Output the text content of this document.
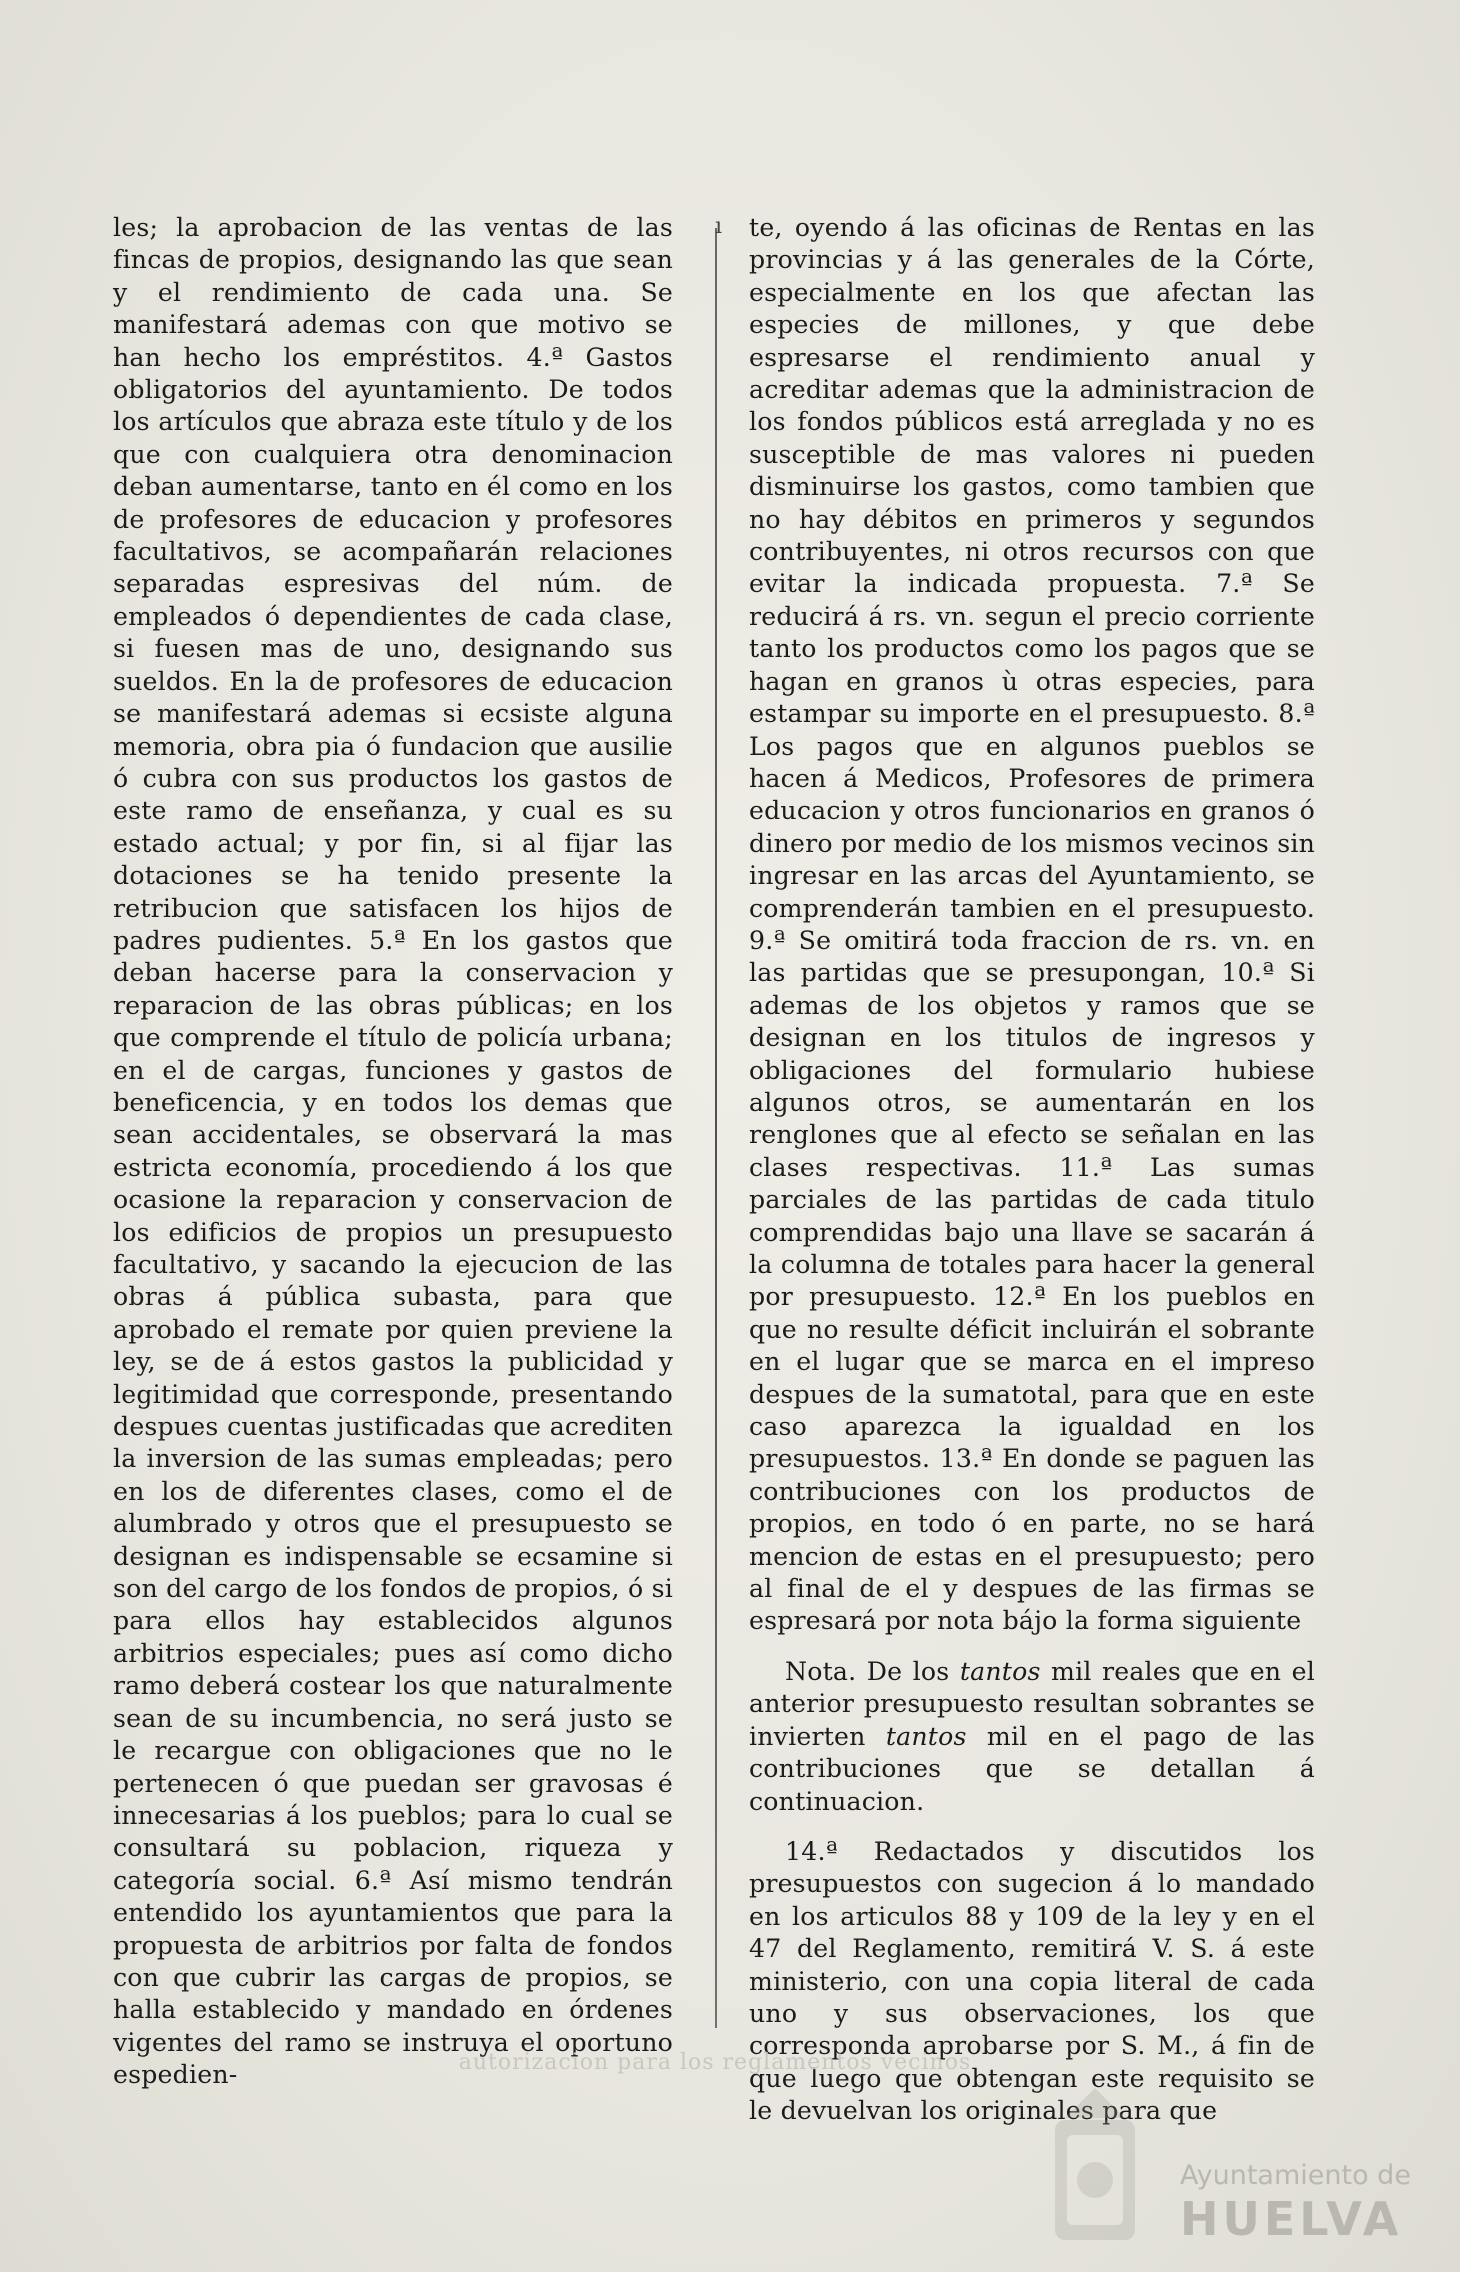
ı

les; la aprobacion de las ventas de las fincas de propios, designando las que sean y el rendimiento de cada una. Se manifestará ademas con que motivo se han hecho los empréstitos. 4.ª Gastos obligatorios del ayuntamiento. De todos los artículos que abraza este título y de los que con cualquiera otra denominacion deban aumentarse, tanto en él como en los de profesores de educacion y profesores facultativos, se acompañarán relaciones separadas espresivas del núm. de empleados ó dependientes de cada clase, si fuesen mas de uno, designando sus sueldos. En la de profesores de educacion se manifestará ademas si ecsiste alguna memoria, obra pia ó fundacion que ausilie ó cubra con sus productos los gastos de este ramo de enseñanza, y cual es su estado actual; y por fin, si al fijar las dotaciones se ha tenido presente la retribucion que satisfacen los hijos de padres pudientes. 5.ª En los gastos que deban hacerse para la conservacion y reparacion de las obras públicas; en los que comprende el título de policía urbana; en el de cargas, funciones y gastos de beneficencia, y en todos los demas que sean accidentales, se observará la mas estricta economía, procediendo á los que ocasione la reparacion y conservacion de los edificios de propios un presupuesto facultativo, y sacando la ejecucion de las obras á pública subasta, para que aprobado el remate por quien previene la ley, se de á estos gastos la publicidad y legitimidad que corresponde, presentando despues cuentas justificadas que acrediten la inversion de las sumas empleadas; pero en los de diferentes clases, como el de alumbrado y otros que el presupuesto se designan es indispensable se ecsamine si son del cargo de los fondos de propios, ó si para ellos hay establecidos algunos arbitrios especiales; pues así como dicho ramo deberá costear los que naturalmente sean de su incumbencia, no será justo se le recargue con obligaciones que no le pertenecen ó que puedan ser gravosas é innecesarias á los pueblos; para lo cual se consultará su poblacion, riqueza y categoría social. 6.ª Así mismo tendrán entendido los ayuntamientos que para la propuesta de arbitrios por falta de fondos con que cubrir las cargas de propios, se halla establecido y mandado en órdenes vigentes del ramo se instruya el oportuno espedien-

te, oyendo á las oficinas de Rentas en las provincias y á las generales de la Córte, especialmente en los que afectan las especies de millones, y que debe espresarse el rendimiento anual y acreditar ademas que la administracion de los fondos públicos está arreglada y no es susceptible de mas valores ni pueden disminuirse los gastos, como tambien que no hay débitos en primeros y segundos contribuyentes, ni otros recursos con que evitar la indicada propuesta. 7.ª Se reducirá á rs. vn. segun el precio corriente tanto los productos como los pagos que se hagan en granos ù otras especies, para estampar su importe en el presupuesto. 8.ª Los pagos que en algunos pueblos se hacen á Medicos, Profesores de primera educacion y otros funcionarios en granos ó dinero por medio de los mismos vecinos sin ingresar en las arcas del Ayuntamiento, se comprenderán tambien en el presupuesto. 9.ª Se omitirá toda fraccion de rs. vn. en las partidas que se presupongan, 10.ª Si ademas de los objetos y ramos que se designan en los titulos de ingresos y obligaciones del formulario hubiese algunos otros, se aumentarán en los renglones que al efecto se señalan en las clases respectivas. 11.ª Las sumas parciales de las partidas de cada titulo comprendidas bajo una llave se sacarán á la columna de totales para hacer la general por presupuesto. 12.ª En los pueblos en que no resulte déficit incluirán el sobrante en el lugar que se marca en el impreso despues de la sumatotal, para que en este caso aparezca la igualdad en los presupuestos. 13.ª En donde se paguen las contribuciones con los productos de propios, en todo ó en parte, no se hará mencion de estas en el presupuesto; pero al final de el y despues de las firmas se espresará por nota bájo la forma siguiente

Nota. De los tantos mil reales que en el anterior presupuesto resultan sobrantes se invierten tantos mil en el pago de las contribuciones que se detallan á continuacion.

14.ª Redactados y discutidos los presupuestos con sugecion á lo mandado en los articulos 88 y 109 de la ley y en el 47 del Reglamento, remitirá V. S. á este ministerio, con una copia literal de cada uno y sus observaciones, los que corresponda aprobarse por S. M., á fin de que luego que obtengan este requisito se le devuelvan los originales para que

autorizacion para los reglamentos vecinos
Ayuntamiento de
HUELVA
